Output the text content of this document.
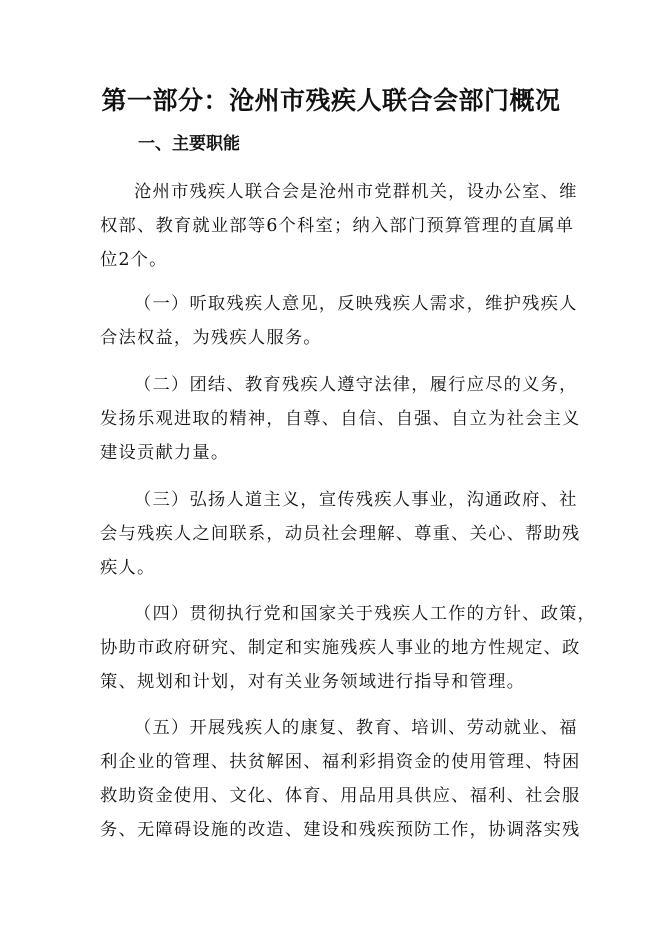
第一部分：沧州市残疾人联合会部门概况
一、主要职能

沧州市残疾人联合会是沧州市党群机关，设办公室、维
权部、教育就业部等6个科室；纳入部门预算管理的直属单
位2个。

（一）听取残疾人意见，反映残疾人需求，维护残疾人
合法权益，为残疾人服务。

（二）团结、教育残疾人遵守法律，履行应尽的义务，
发扬乐观进取的精神，自尊、自信、自强、自立为社会主义
建设贡献力量。

（三）弘扬人道主义，宣传残疾人事业，沟通政府、社
会与残疾人之间联系，动员社会理解、尊重、关心、帮助残
疾人。

（四）贯彻执行党和国家关于残疾人工作的方针、政策，
协助市政府研究、制定和实施残疾人事业的地方性规定、政
策、规划和计划，对有关业务领域进行指导和管理。

（五）开展残疾人的康复、教育、培训、劳动就业、福
利企业的管理、扶贫解困、福利彩捐资金的使用管理、特困
救助资金使用、文化、体育、用品用具供应、福利、社会服
务、无障碍设施的改造、建设和残疾预防工作，协调落实残
